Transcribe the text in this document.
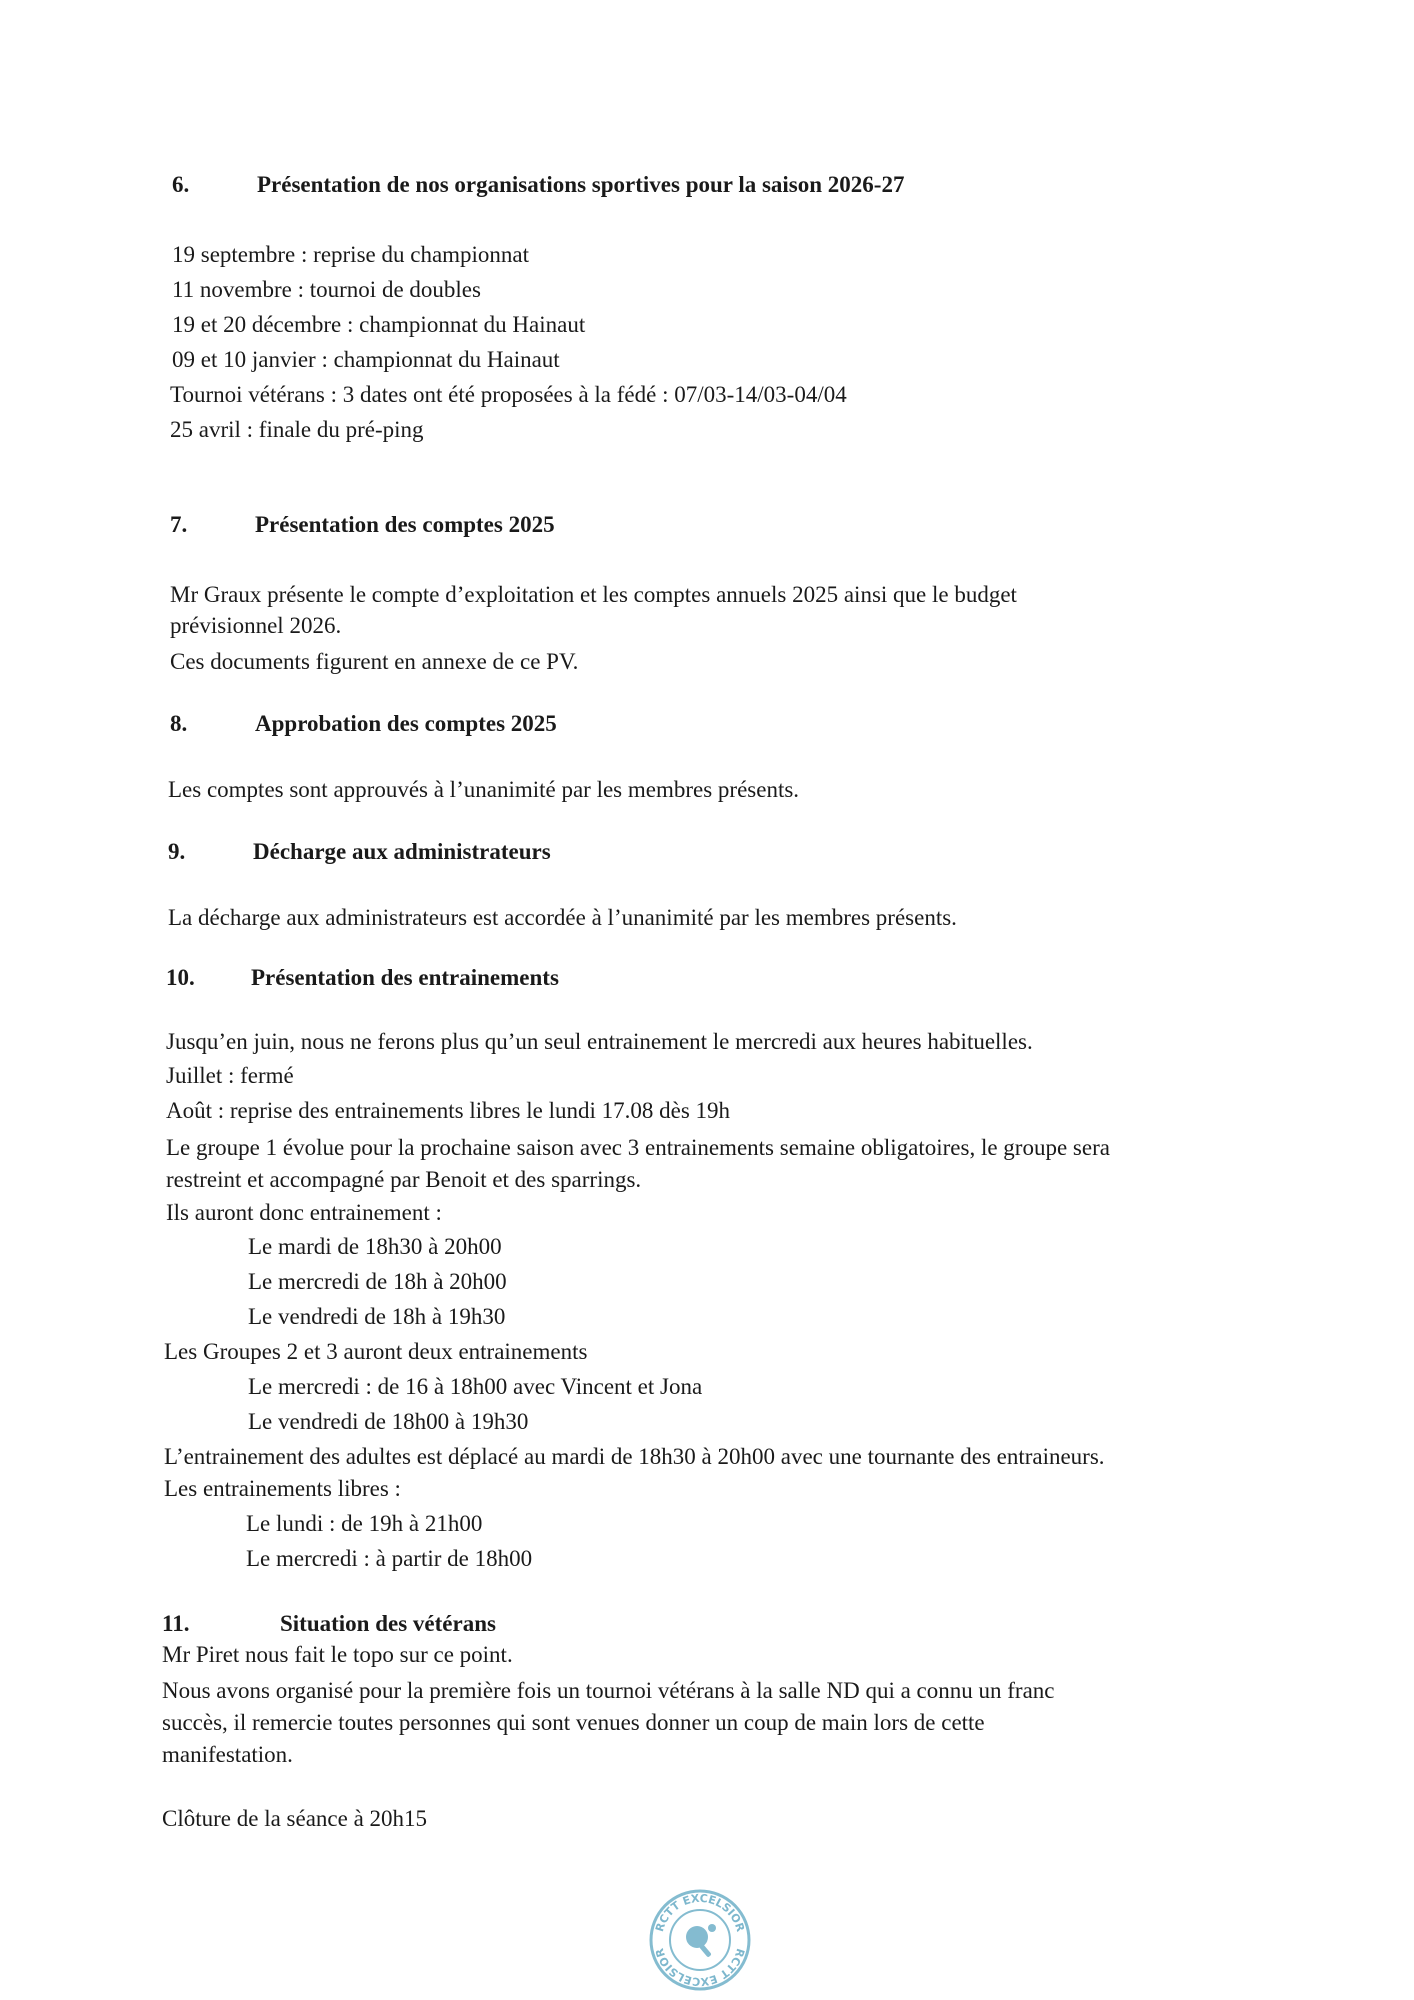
6.	Présentation de nos organisations sportives pour la saison 2026-27
19 septembre : reprise du championnat
11 novembre : tournoi de doubles
19 et 20 décembre : championnat du Hainaut
09 et 10 janvier : championnat du Hainaut
Tournoi vétérans : 3 dates ont été proposées à la fédé : 07/03-14/03-04/04
25 avril : finale du pré-ping
7.	Présentation des comptes 2025
Mr Graux présente le compte d’exploitation et les comptes annuels 2025 ainsi que le budget
prévisionnel 2026.
Ces documents figurent en annexe de ce PV.
8.	Approbation des comptes 2025
Les comptes sont approuvés à l’unanimité par les membres présents.
9.	Décharge aux administrateurs
La décharge aux administrateurs est accordée à l’unanimité par les membres présents.
10. Présentation des entrainements
Jusqu’en juin, nous ne ferons plus qu’un seul entrainement le mercredi aux heures habituelles.
Juillet : fermé
Août : reprise des entrainements libres le lundi 17.08 dès 19h
Le groupe 1 évolue pour la prochaine saison avec 3 entrainements semaine obligatoires, le groupe sera
restreint et accompagné par Benoit et des sparrings.
Ils auront donc entrainement :
Le mardi de 18h30 à 20h00
Le mercredi de 18h à 20h00
Le vendredi de 18h à 19h30
Les Groupes 2 et 3 auront deux entrainements
Le mercredi : de 16 à 18h00 avec Vincent et Jona
Le vendredi de 18h00 à 19h30
L’entrainement des adultes est déplacé au mardi de 18h30 à 20h00 avec une tournante des entraineurs.
Les entrainements libres :
Le lundi : de 19h à 21h00
Le mercredi : à partir de 18h00
11.	Situation des vétérans
Mr Piret nous fait le topo sur ce point.
Nous avons organisé pour la première fois un tournoi vétérans à la salle ND qui a connu un franc
succès, il remercie toutes personnes qui sont venues donner un coup de main lors de cette
manifestation.
Clôture de la séance à 20h15
RCTT EXCELSIOR
RCTT EXCELSIOR
